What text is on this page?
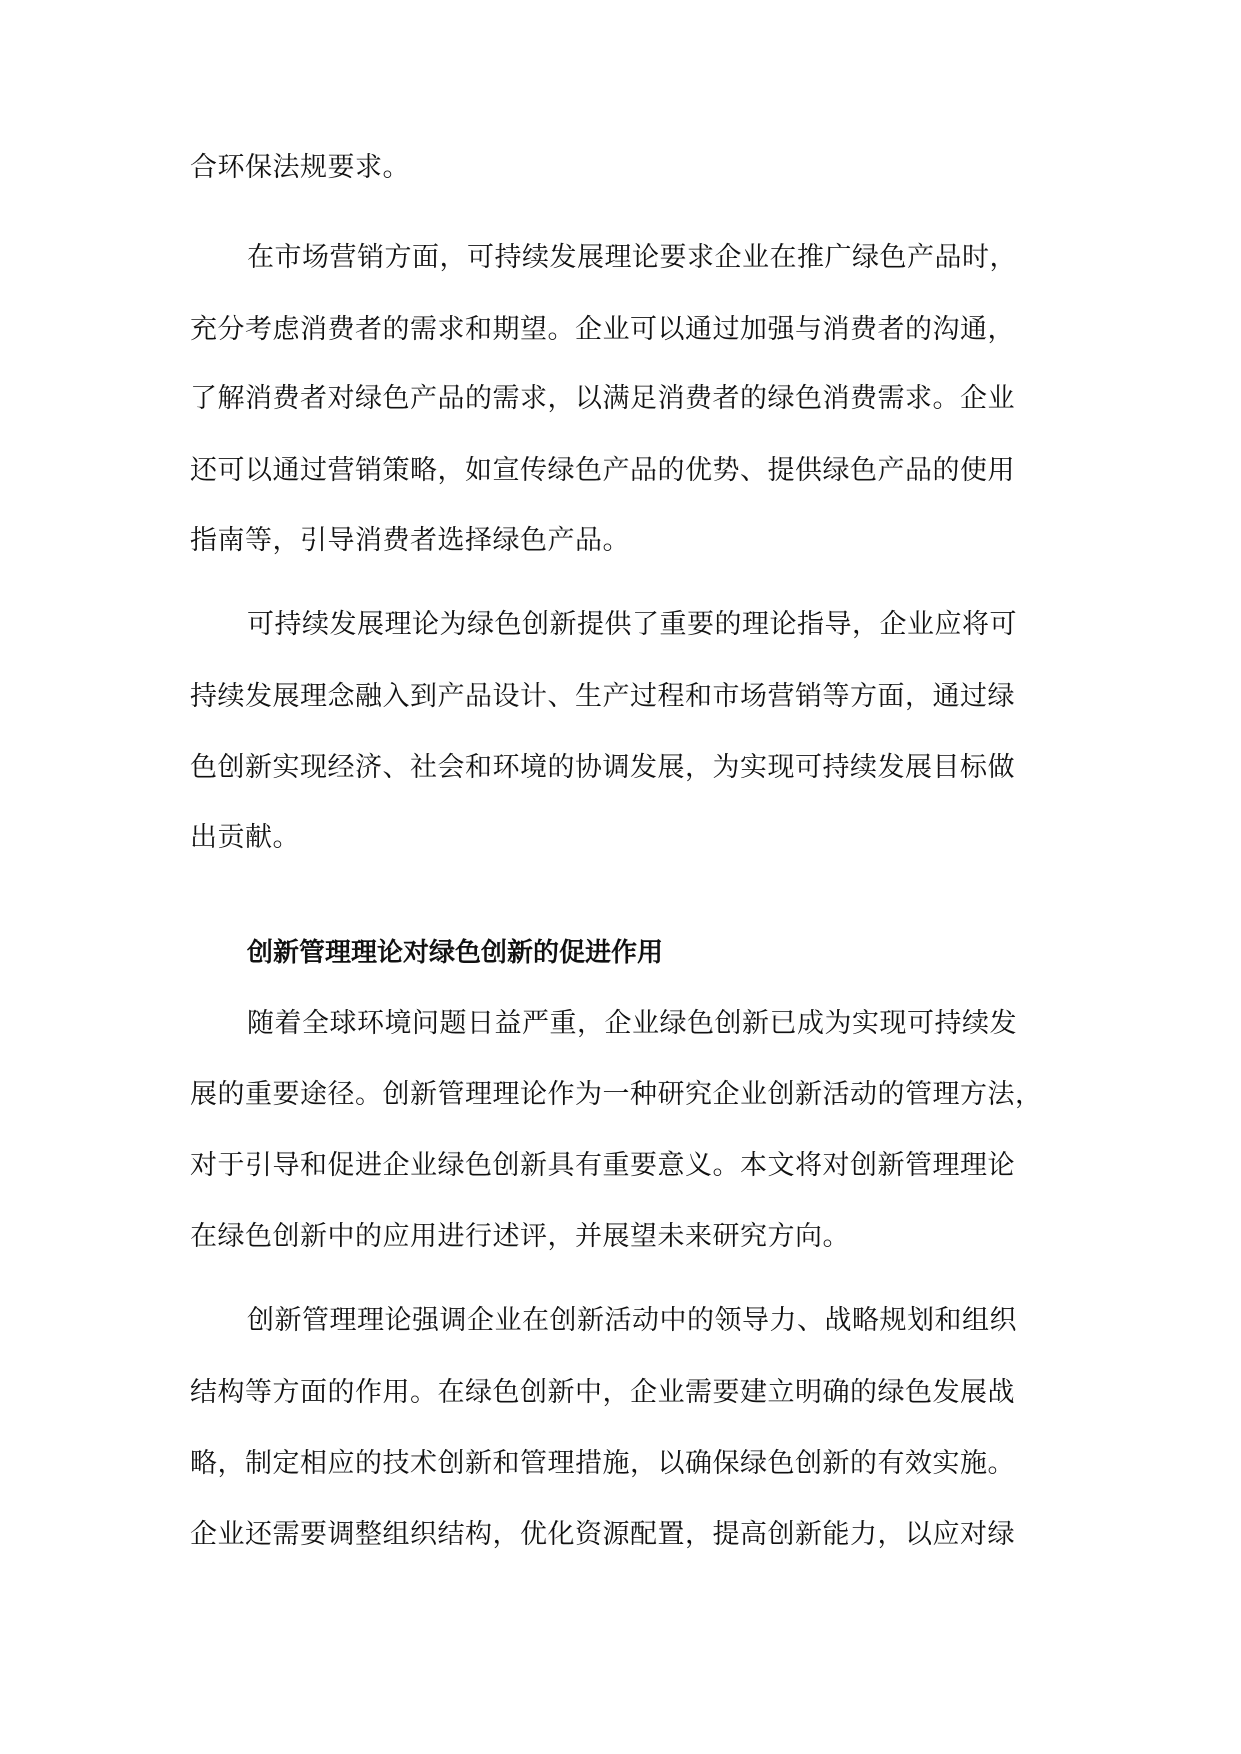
合环保法规要求。
在市场营销方面，可持续发展理论要求企业在推广绿色产品时，
充分考虑消费者的需求和期望。企业可以通过加强与消费者的沟通，
了解消费者对绿色产品的需求，以满足消费者的绿色消费需求。企业
还可以通过营销策略，如宣传绿色产品的优势、提供绿色产品的使用
指南等，引导消费者选择绿色产品。
可持续发展理论为绿色创新提供了重要的理论指导，企业应将可
持续发展理念融入到产品设计、生产过程和市场营销等方面，通过绿
色创新实现经济、社会和环境的协调发展，为实现可持续发展目标做
出贡献。
创新管理理论对绿色创新的促进作用
随着全球环境问题日益严重，企业绿色创新已成为实现可持续发
展的重要途径。创新管理理论作为一种研究企业创新活动的管理方法，
对于引导和促进企业绿色创新具有重要意义。本文将对创新管理理论
在绿色创新中的应用进行述评，并展望未来研究方向。
创新管理理论强调企业在创新活动中的领导力、战略规划和组织
结构等方面的作用。在绿色创新中，企业需要建立明确的绿色发展战
略，制定相应的技术创新和管理措施，以确保绿色创新的有效实施。
企业还需要调整组织结构，优化资源配置，提高创新能力，以应对绿
